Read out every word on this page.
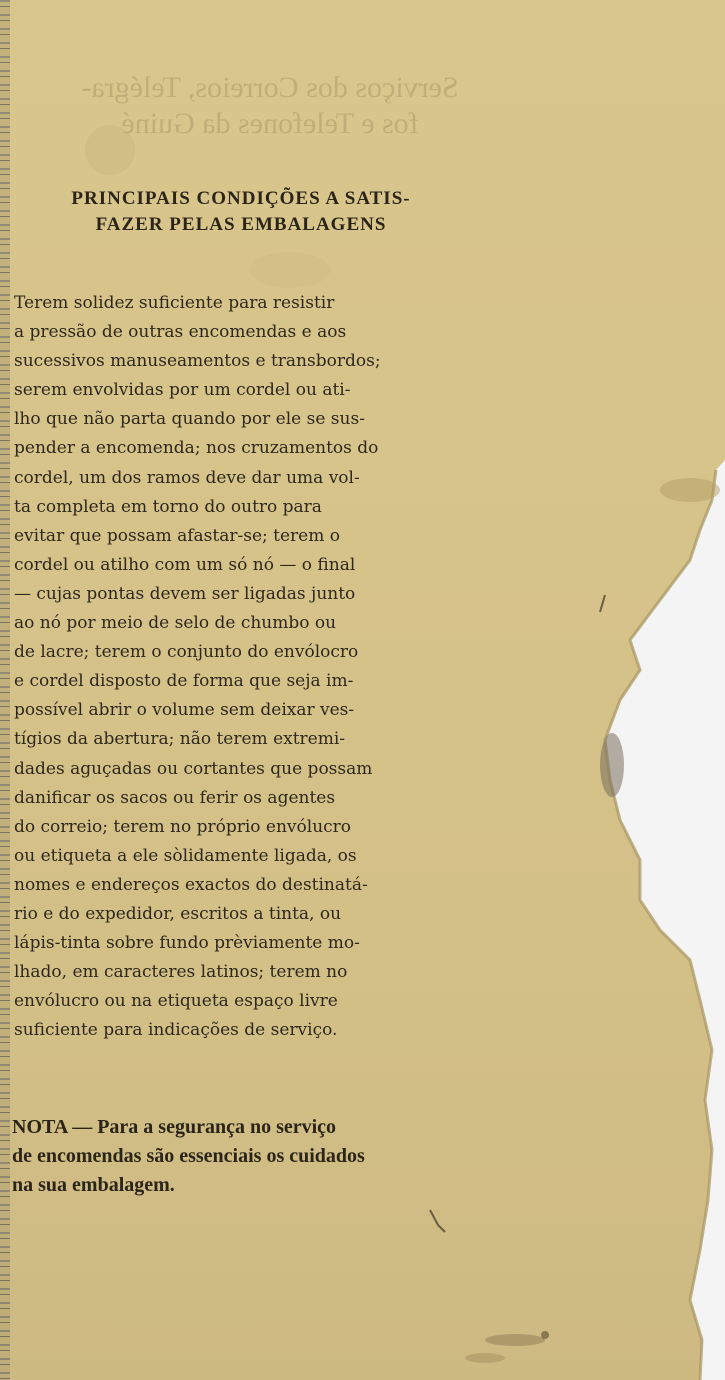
Serviços dos Correios, Telégra-
fos e Telefones da Guiné
PRINCIPAIS CONDIÇÕES A SATIS-
FAZER PELAS EMBALAGENS

Terem solidez suficiente para resistir
a pressão de outras encomendas e aos
sucessivos manuseamentos e transbordos;
serem envolvidas por um cordel ou ati-
lho que não parta quando por ele se sus-
pender a encomenda; nos cruzamentos do
cordel, um dos ramos deve dar uma vol-
ta completa em torno do outro para
evitar que possam afastar-se; terem o
cordel ou atilho com um só nó — o final
— cujas pontas devem ser ligadas junto
ao nó por meio de selo de chumbo ou
de lacre; terem o conjunto do envólocro
e cordel disposto de forma que seja im-
possível abrir o volume sem deixar ves-
tígios da abertura; não terem extremi-
dades aguçadas ou cortantes que possam
danificar os sacos ou ferir os agentes
do correio; terem no próprio envólucro
ou etiqueta a ele sòlidamente ligada, os
nomes e endereços exactos do destinatá-
rio e do expedidor, escritos a tinta, ou
lápis-tinta sobre fundo prèviamente mo-
lhado, em caracteres latinos; terem no
envólucro ou na etiqueta espaço livre
suficiente para indicações de serviço.

NOTA — Para a segurança no serviço
de encomendas são essenciais os cuidados
na sua embalagem.
